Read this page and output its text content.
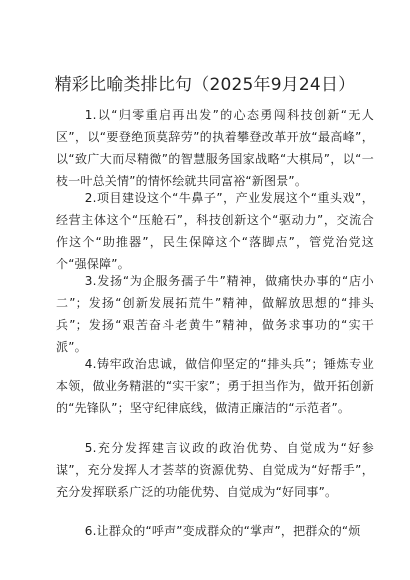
精彩比喻类排比句（2025年9月24日）

1.以“归零重启再出发”的心态勇闯科技创新“无人区”，以“要登绝顶莫辞劳”的执着攀登改革开放“最高峰”，以“致广大而尽精微”的智慧服务国家战略“大棋局”，以“一枝一叶总关情”的情怀绘就共同富裕“新图景”。

2.项目建设这个“牛鼻子”，产业发展这个“重头戏”，经营主体这个“压舱石”，科技创新这个“驱动力”，交流合作这个“助推器”，民生保障这个“落脚点”，管党治党这个“强保障”。

3.发扬“为企服务孺子牛”精神，做痛快办事的“店小二”；发扬“创新发展拓荒牛”精神，做解放思想的“排头兵”；发扬“艰苦奋斗老黄牛”精神，做务求事功的“实干派”。

4.铸牢政治忠诚，做信仰坚定的“排头兵”；锤炼专业本领，做业务精湛的“实干家”；勇于担当作为，做开拓创新的“先锋队”；坚守纪律底线，做清正廉洁的“示范者”。

5.充分发挥建言议政的政治优势、自觉成为“好参谋”，充分发挥人才荟萃的资源优势、自觉成为“好帮手”，充分发挥联系广泛的功能优势、自觉成为“好同事”。

6.让群众的“呼声”变成群众的“掌声”，把群众的“烦
